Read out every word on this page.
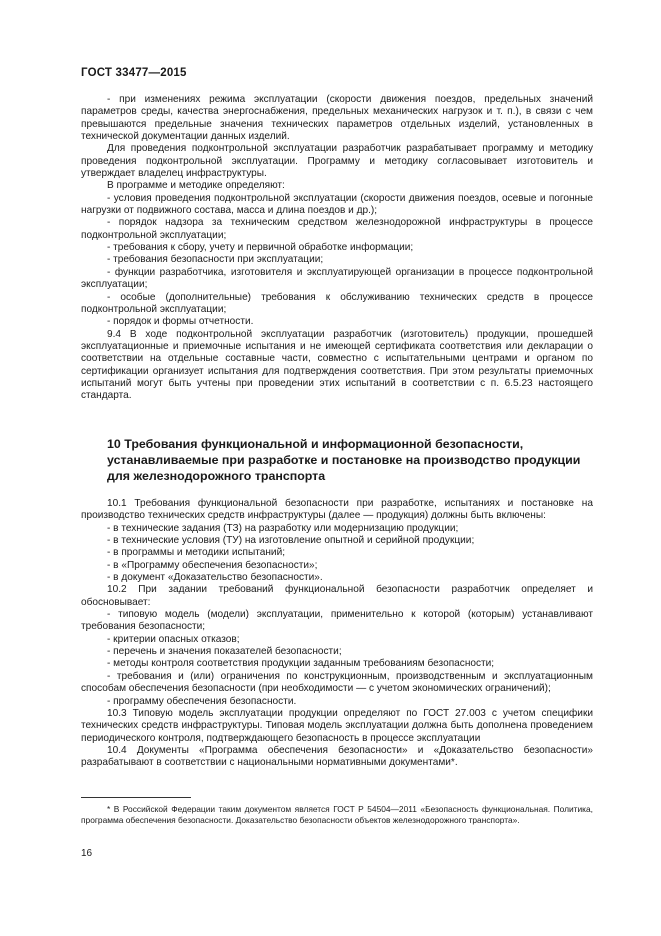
ГОСТ 33477—2015

- при изменениях режима эксплуатации (скорости движения поездов, предельных значений параметров среды, качества энергоснабжения, предельных механических нагрузок и т. п.), в связи с чем превышаются предельные значения технических параметров отдельных изделий, установленных в технической документации данных изделий.

Для проведения подконтрольной эксплуатации разработчик разрабатывает программу и методику проведения подконтрольной эксплуатации. Программу и методику согласовывает изготовитель и утверждает владелец инфраструктуры.

В программе и методике определяют:

- условия проведения подконтрольной эксплуатации (скорости движения поездов, осевые и погонные нагрузки от подвижного состава, масса и длина поездов и др.);

- порядок надзора за техническим средством железнодорожной инфраструктуры в процессе подконтрольной эксплуатации;

- требования к сбору, учету и первичной обработке информации;

- требования безопасности при эксплуатации;

- функции разработчика, изготовителя и эксплуатирующей организации в процессе подконтрольной эксплуатации;

- особые (дополнительные) требования к обслуживанию технических средств в процессе подконтрольной эксплуатации;

- порядок и формы отчетности.

9.4 В ходе подконтрольной эксплуатации разработчик (изготовитель) продукции, прошедшей эксплуатационные и приемочные испытания и не имеющей сертификата соответствия или декларации о соответствии на отдельные составные части, совместно с испытательными центрами и органом по сертификации организует испытания для подтверждения соответствия. При этом результаты приемочных испытаний могут быть учтены при проведении этих испытаний в соответствии с п. 6.5.23 настоящего стандарта.

10 Требования функциональной и информационной безопасности, устанавливаемые при разработке и постановке на производство продукции для железнодорожного транспорта

10.1 Требования функциональной безопасности при разработке, испытаниях и постановке на производство технических средств инфраструктуры (далее — продукция) должны быть включены:

- в технические задания (ТЗ) на разработку или модернизацию продукции;

- в технические условия (ТУ) на изготовление опытной и серийной продукции;

- в программы и методики испытаний;

- в «Программу обеспечения безопасности»;

- в документ «Доказательство безопасности».

10.2 При задании требований функциональной безопасности разработчик определяет и обосновывает:

- типовую модель (модели) эксплуатации, применительно к которой (которым) устанавливают требования безопасности;

- критерии опасных отказов;

- перечень и значения показателей безопасности;

- методы контроля соответствия продукции заданным требованиям безопасности;

- требования и (или) ограничения по конструкционным, производственным и эксплуатационным способам обеспечения безопасности (при необходимости — с учетом экономических ограничений);

- программу обеспечения безопасности.

10.3 Типовую модель эксплуатации продукции определяют по ГОСТ 27.003 с учетом специфики технических средств инфраструктуры. Типовая модель эксплуатации должна быть дополнена проведением периодического контроля, подтверждающего безопасность в процессе эксплуатации

10.4 Документы «Программа обеспечения безопасности» и «Доказательство безопасности» разрабатывают в соответствии с национальными нормативными документами*.

* В Российской Федерации таким документом является ГОСТ Р 54504—2011 «Безопасность функциональная. Политика, программа обеспечения безопасности. Доказательство безопасности объектов железнодорожного транспорта».

16
